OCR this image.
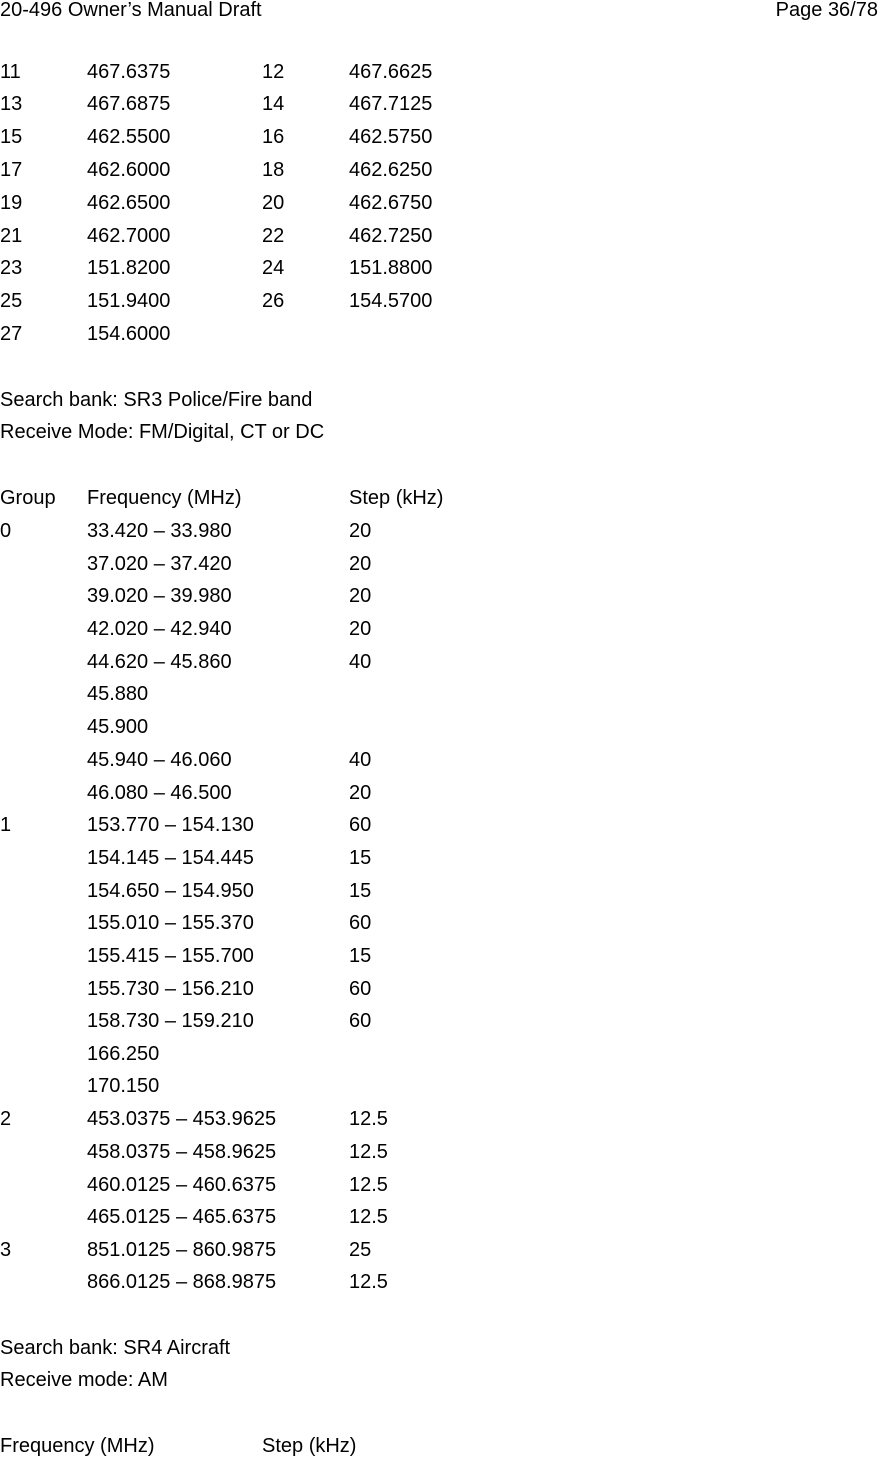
20-496 Owner’s Manual Draft	Page 36/78
11	467.6375	12	467.6625
13	467.6875	14	467.7125
15	462.5500	16	462.5750
17	462.6000	18	462.6250
19	462.6500	20	462.6750
21	462.7000	22	462.7250
23	151.8200	24	151.8800
25	151.9400	26	154.5700
27	154.6000
Search bank: SR3 Police/Fire band
Receive Mode: FM/Digital, CT or DC
Group Frequency (MHz)	Step (kHz)
0	33.420 – 33.980	20
37.020 – 37.420	20
39.020 – 39.980	20
42.020 – 42.940	20
44.620 – 45.860	40
45.880
45.900
45.940 – 46.060	40
46.080 – 46.500	20
1	153.770 – 154.130	60
154.145 – 154.445	15
154.650 – 154.950	15
155.010 – 155.370	60
155.415 – 155.700	15
155.730 – 156.210	60
158.730 – 159.210	60
166.250
170.150
2	453.0375 – 453.9625	12.5
458.0375 – 458.9625	12.5
460.0125 – 460.6375	12.5
465.0125 – 465.6375	12.5
3	851.0125 – 860.9875	25
866.0125 – 868.9875	12.5
Search bank: SR4 Aircraft
Receive mode: AM
Frequency (MHz)	Step (kHz)
